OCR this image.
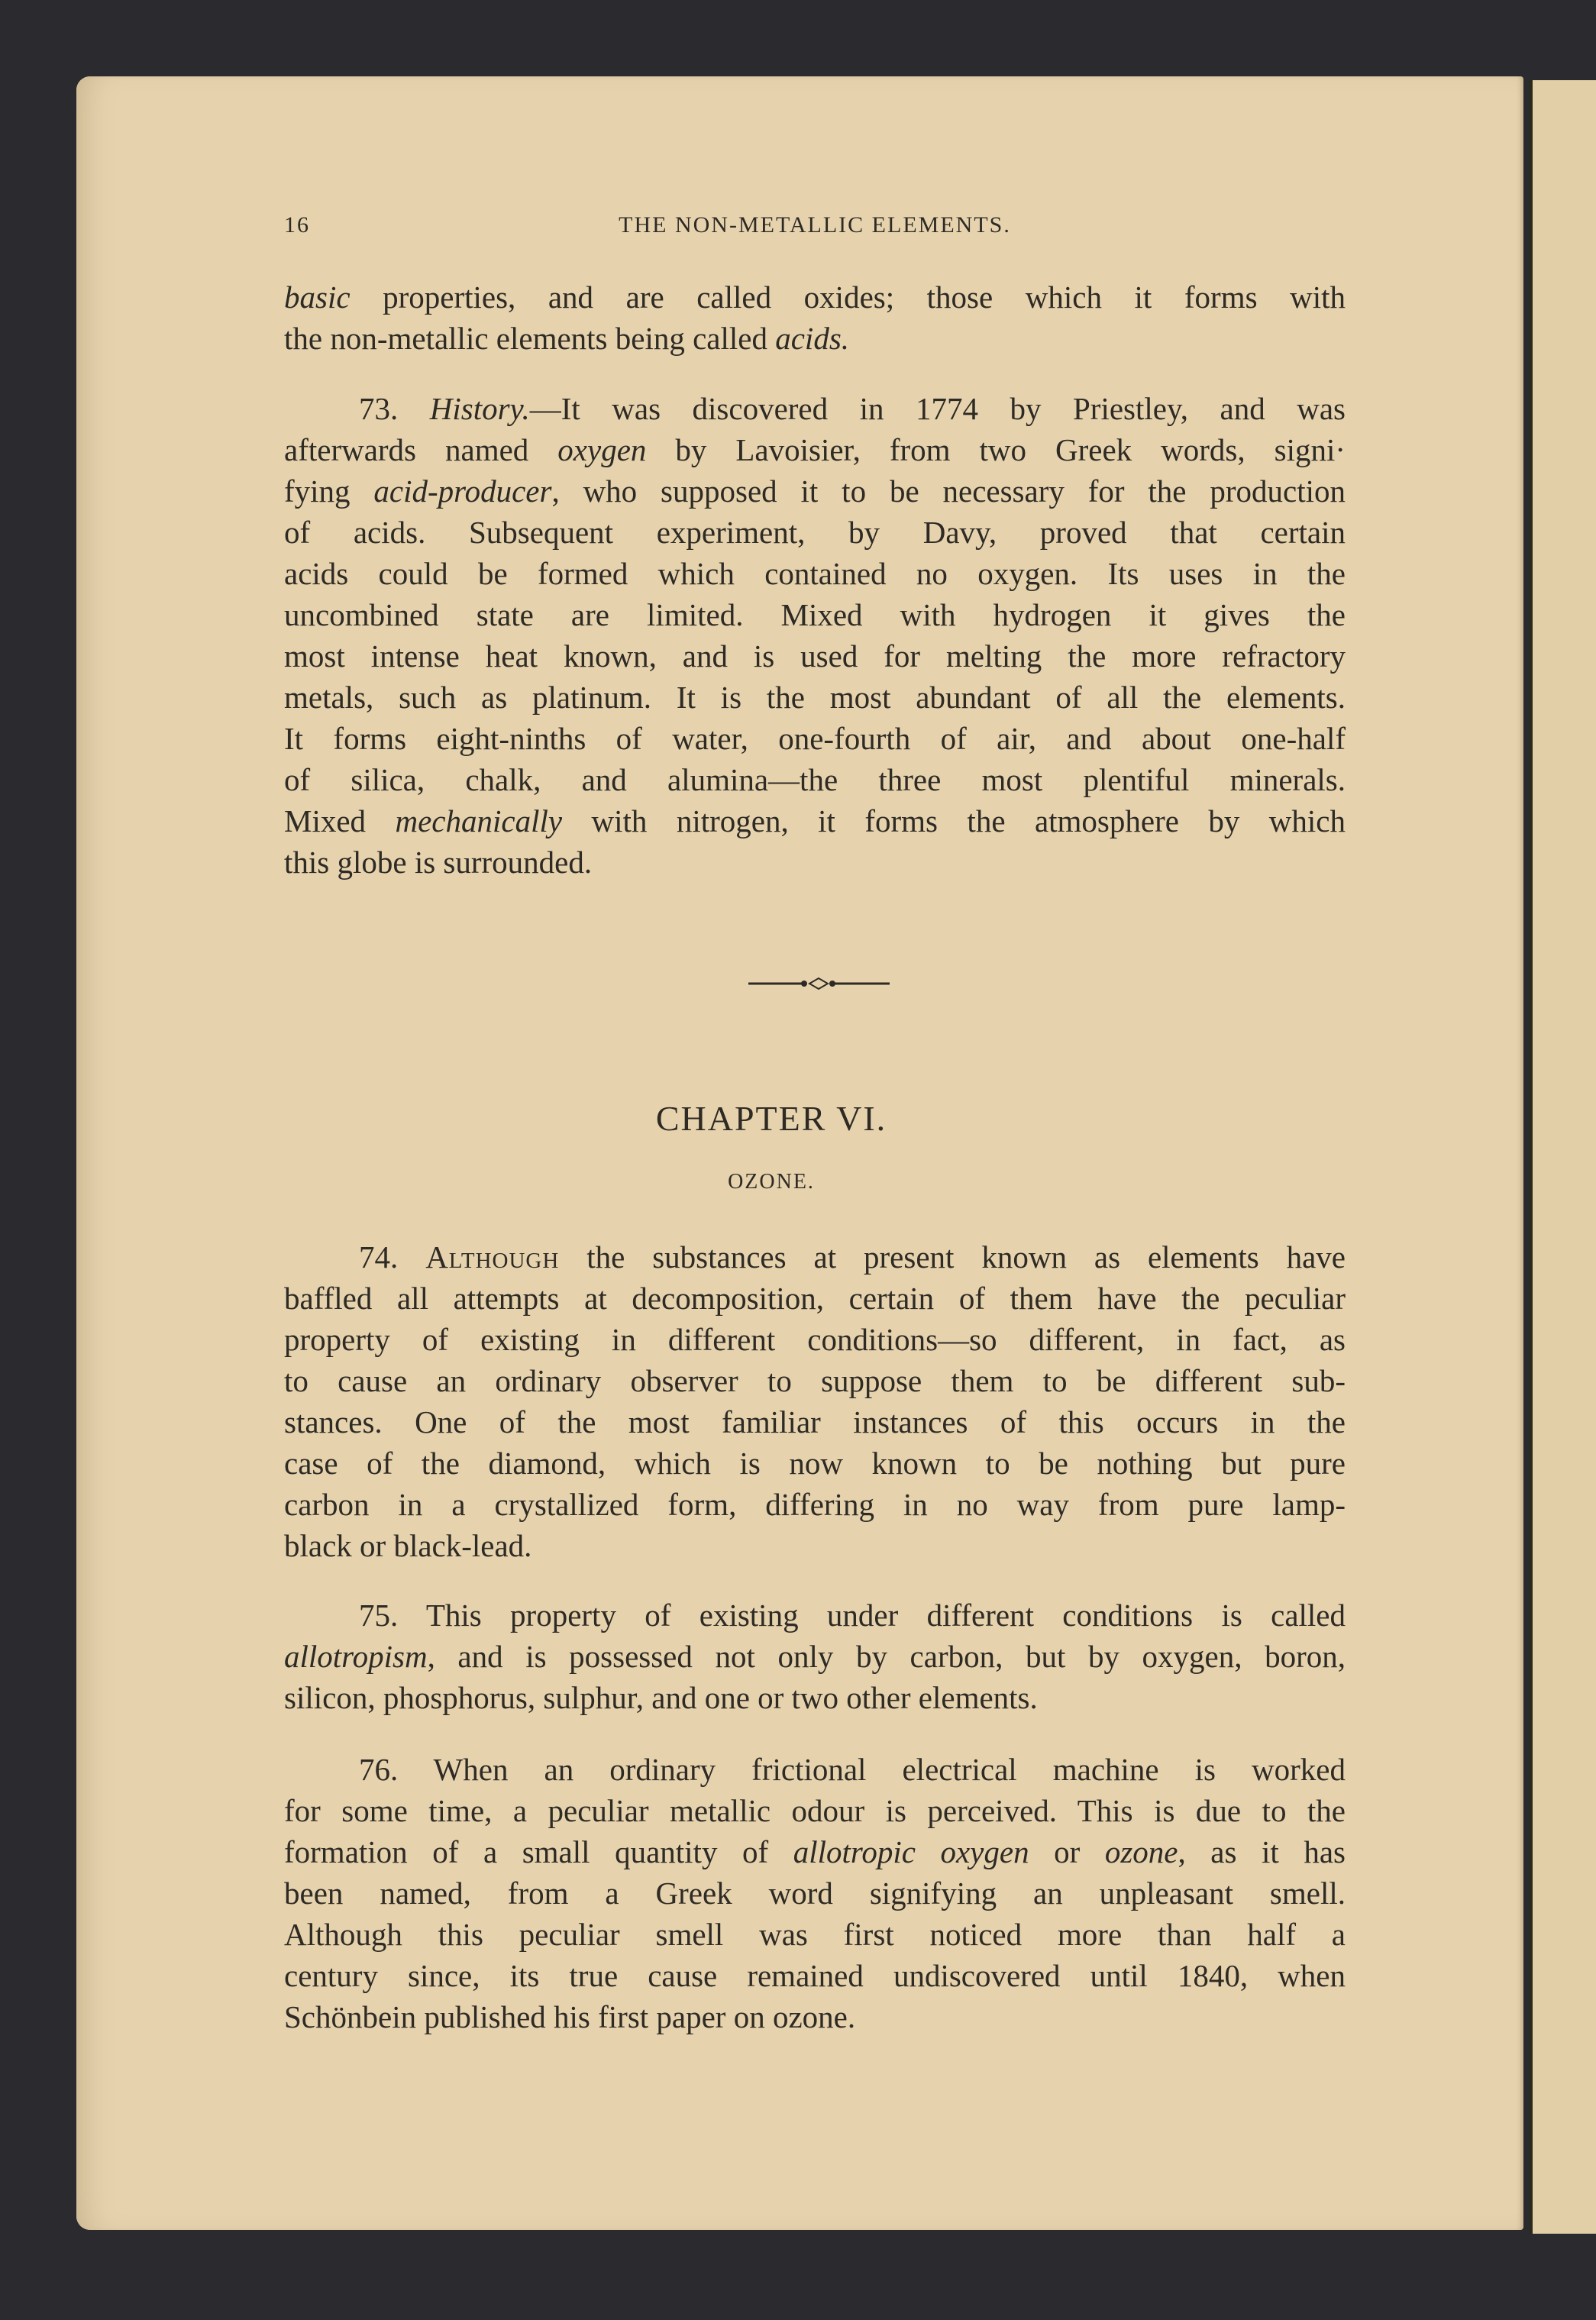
16	THE NON-METALLIC ELEMENTS.
basic properties, and are called oxides; those which it forms with
the non-metallic elements being called acids.
73. History.—It was discovered in 1774 by Priestley, and was
afterwards named oxygen by Lavoisier, from two Greek words, signi·
fying acid-producer, who supposed it to be necessary for the production
of acids. Subsequent experiment, by Davy, proved that certain
acids could be formed which contained no oxygen. Its uses in the
uncombined state are limited. Mixed with hydrogen it gives the
most intense heat known, and is used for melting the more refractory
metals, such as platinum. It is the most abundant of all the elements.
It forms eight-ninths of water, one-fourth of air, and about one-half
of silica, chalk, and alumina—the three most plentiful minerals.
Mixed mechanically with nitrogen, it forms the atmosphere by which
this globe is surrounded.
CHAPTER VI.
OZONE.
74. Although the substances at present known as elements have
baffled all attempts at decomposition, certain of them have the peculiar
property of existing in different conditions—so different, in fact, as
to cause an ordinary observer to suppose them to be different sub-
stances. One of the most familiar instances of this occurs in the
case of the diamond, which is now known to be nothing but pure
carbon in a crystallized form, differing in no way from pure lamp-
black or black-lead.
75. This property of existing under different conditions is called
allotropism, and is possessed not only by carbon, but by oxygen, boron,
silicon, phosphorus, sulphur, and one or two other elements.
76. When an ordinary frictional electrical machine is worked
for some time, a peculiar metallic odour is perceived. This is due to the
formation of a small quantity of allotropic oxygen or ozone, as it has
been named, from a Greek word signifying an unpleasant smell.
Although this peculiar smell was first noticed more than half a
century since, its true cause remained undiscovered until 1840, when
Schönbein published his first paper on ozone.
